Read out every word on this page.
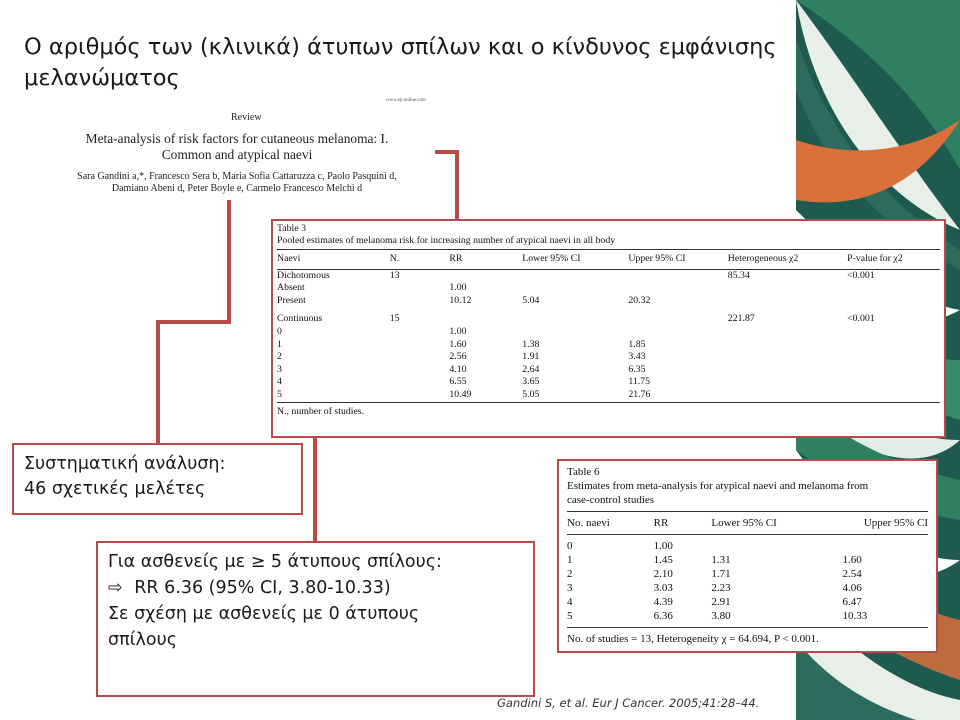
Ο αριθμός των (κλινικά) άτυπων σπίλων και ο κίνδυνος εμφάνισης μελανώματος
www.ejconline.com
Review
Meta-analysis of risk factors for cutaneous melanoma: I.
Common and atypical naevi
Sara Gandini a,*, Francesco Sera b, Maria Sofia Cattaruzza c, Paolo Pasquini d,
Damiano Abeni d, Peter Boyle e, Carmelo Francesco Melchi d
Table 3
Pooled estimates of melanoma risk for increasing number of atypical naevi in all body
Naevi	N.	RR	Lower 95% CI	Upper 95% CI	Heterogeneous χ2	P-value for χ2
Dichotomous	13				85.34	<0.001
Absent		1.00				
Present		10.12	5.04	20.32		
Continuous	15				221.87	<0.001
0		1.00				
1		1.60	1.38	1.85		
2		2.56	1.91	3.43		
3		4.10	2.64	6.35		
4		6.55	3.65	11.75		
5		10.49	5.05	21.76		
N., number of studies.						
Table 6
Estimates from meta-analysis for atypical naevi and melanoma from
case-control studies
No. naevi	RR	Lower 95% CI	Upper 95% CI
0	1.00		
1	1.45	1.31	1.60
2	2.10	1.71	2.54
3	3.03	2.23	4.06
4	4.39	2.91	6.47
5	6.36	3.80	10.33
No. of studies = 13, Heterogeneity χ = 64.694, P < 0.001.			
Συστηματική ανάλυση:
46 σχετικές μελέτες
Για ασθενείς με ≥ 5 άτυπους σπίλους:
⇨ RR 6.36 (95% CI, 3.80-10.33)
Σε σχέση με ασθενείς με 0 άτυπους
σπίλους
Gandini S, et al. Eur J Cancer. 2005;41:28–44.
